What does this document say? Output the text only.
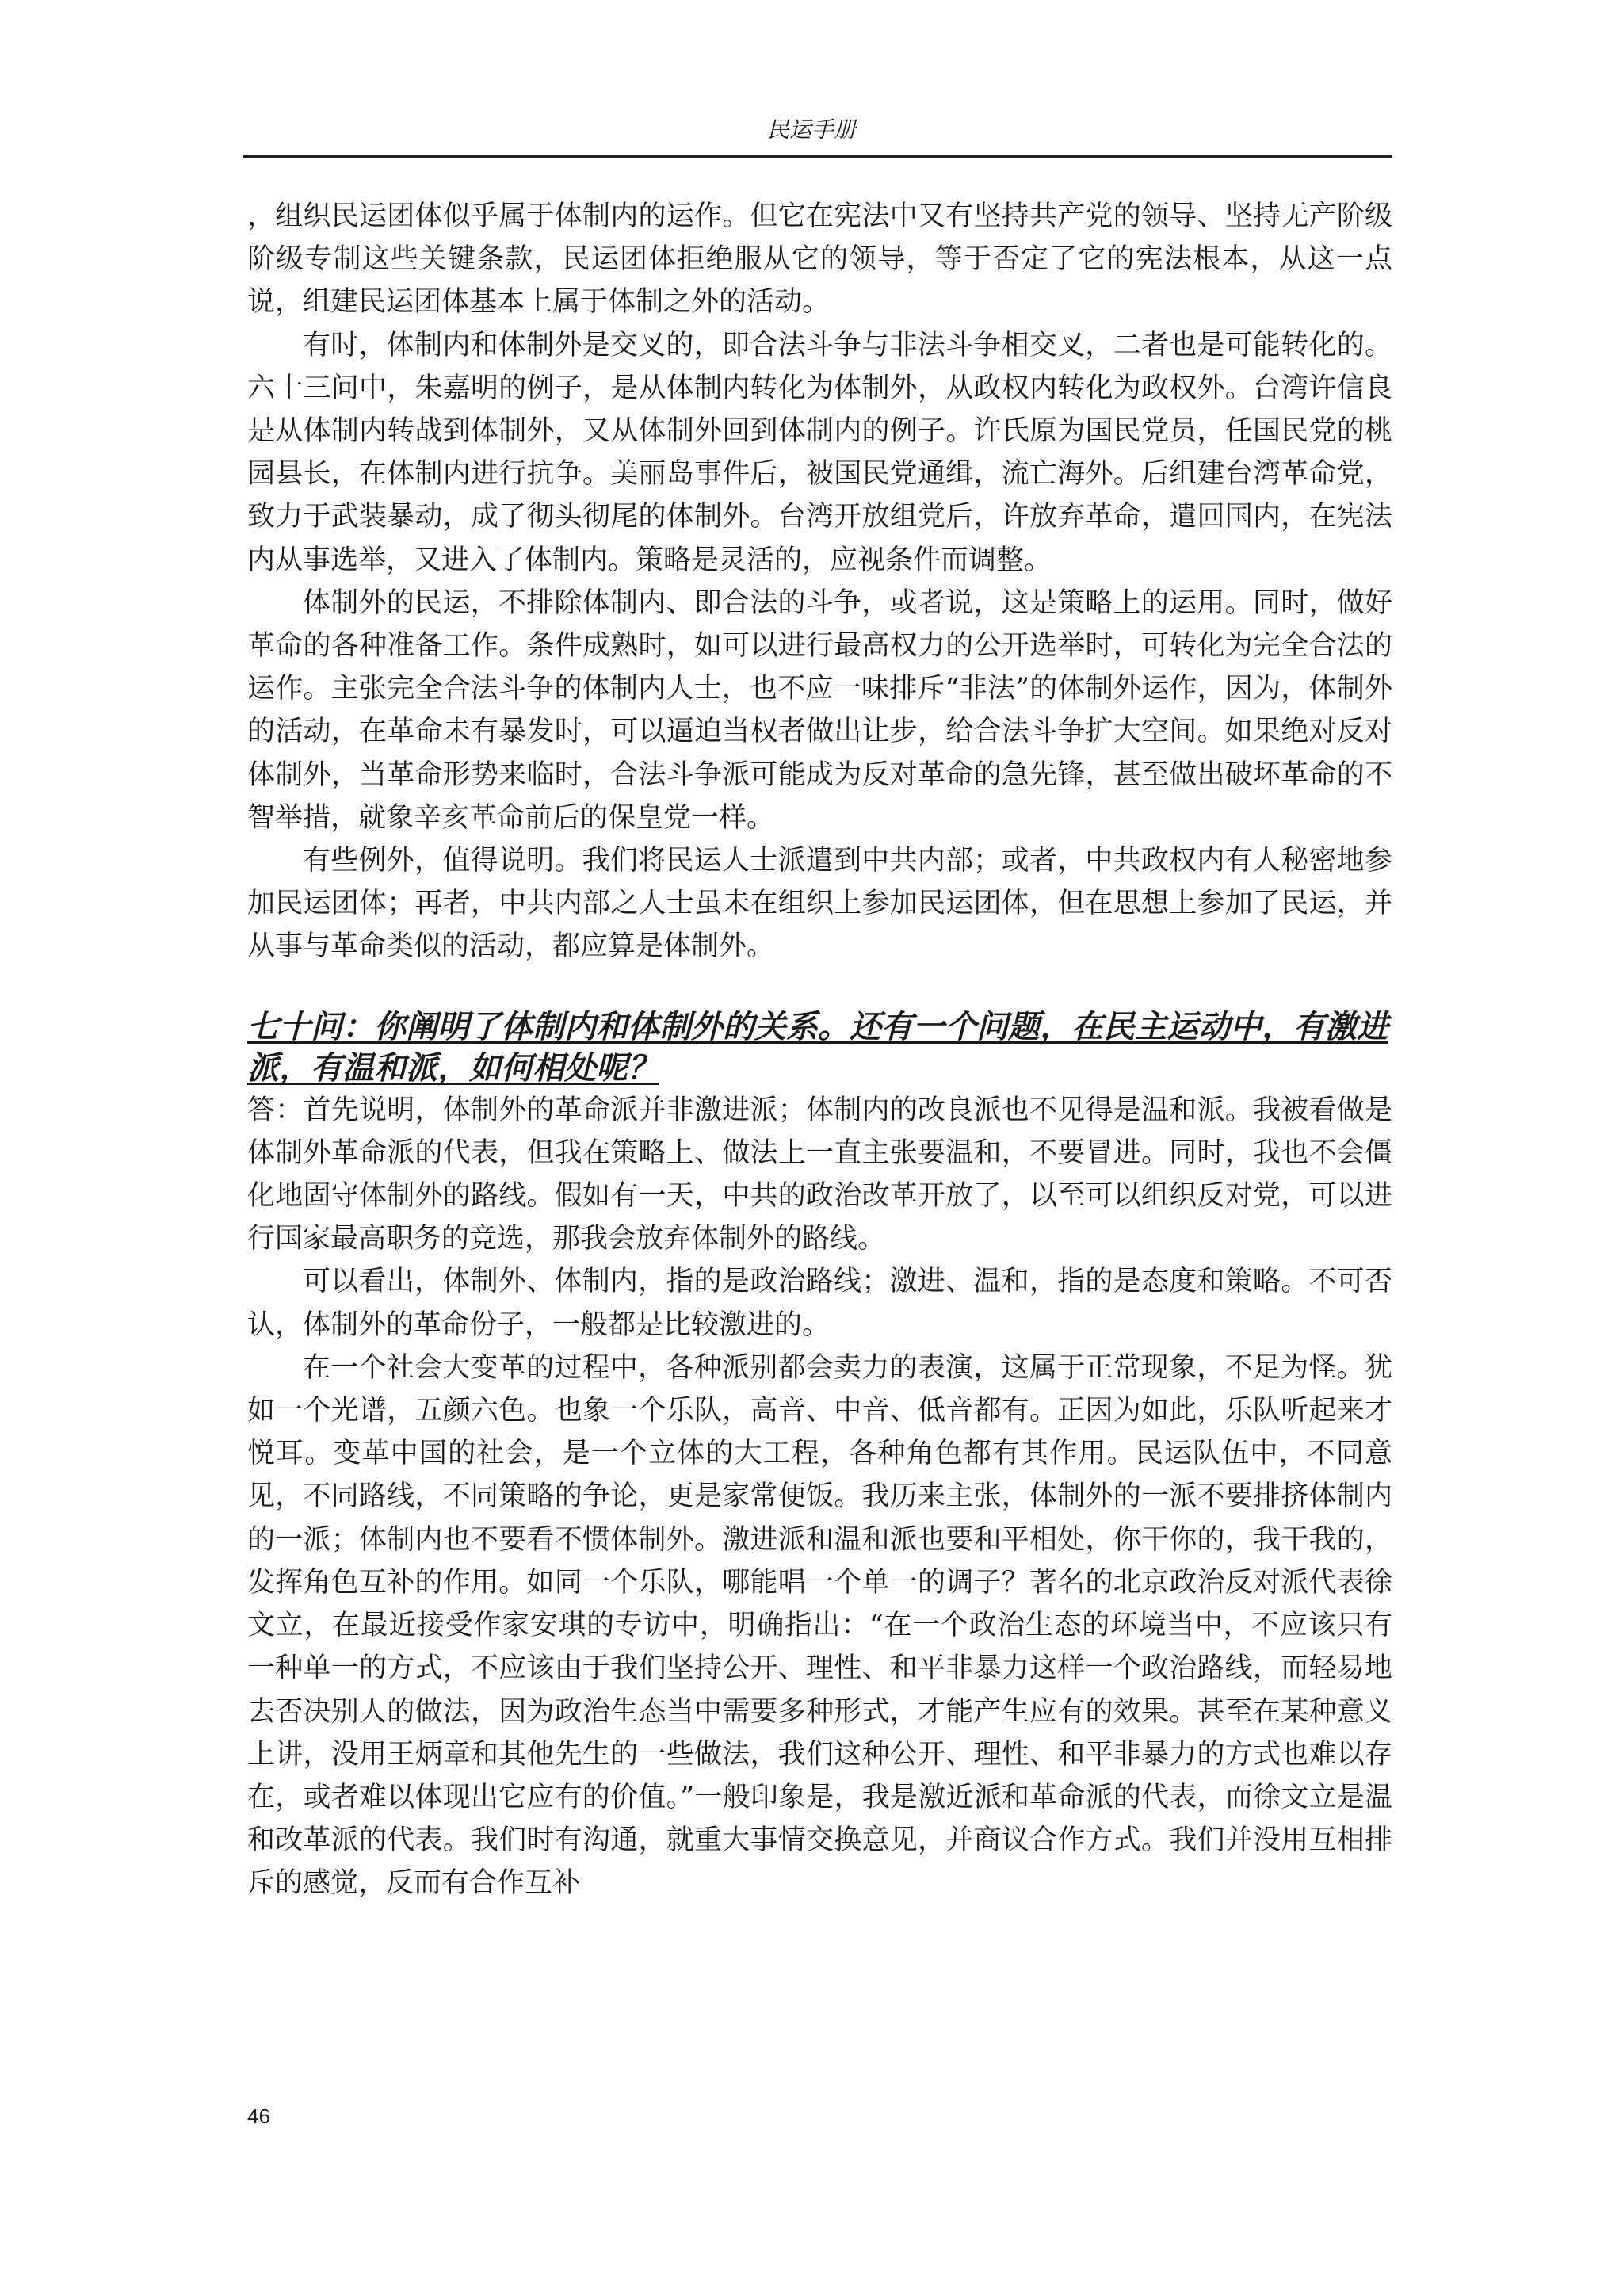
民运手册

，组织民运团体似乎属于体制内的运作。但它在宪法中又有坚持共产党的领导、坚持无产阶级阶级专制这些关键条款，民运团体拒绝服从它的领导，等于否定了它的宪法根本，从这一点说，组建民运团体基本上属于体制之外的活动。

有时，体制内和体制外是交叉的，即合法斗争与非法斗争相交叉，二者也是可能转化的。六十三问中，朱嘉明的例子，是从体制内转化为体制外，从政权内转化为政权外。台湾许信良是从体制内转战到体制外，又从体制外回到体制内的例子。许氏原为国民党员，任国民党的桃园县长，在体制内进行抗争。美丽岛事件后，被国民党通缉，流亡海外。后组建台湾革命党，致力于武装暴动，成了彻头彻尾的体制外。台湾开放组党后，许放弃革命，遣回国内，在宪法内从事选举，又进入了体制内。策略是灵活的，应视条件而调整。

体制外的民运，不排除体制内、即合法的斗争，或者说，这是策略上的运用。同时，做好革命的各种准备工作。条件成熟时，如可以进行最高权力的公开选举时，可转化为完全合法的运作。主张完全合法斗争的体制内人士，也不应一味排斥“非法”的体制外运作，因为，体制外的活动，在革命未有暴发时，可以逼迫当权者做出让步，给合法斗争扩大空间。如果绝对反对体制外，当革命形势来临时，合法斗争派可能成为反对革命的急先锋，甚至做出破坏革命的不智举措，就象辛亥革命前后的保皇党一样。

有些例外，值得说明。我们将民运人士派遣到中共内部；或者，中共政权内有人秘密地参加民运团体；再者，中共内部之人士虽未在组织上参加民运团体，但在思想上参加了民运，并从事与革命类似的活动，都应算是体制外。

七十问：你阐明了体制内和体制外的关系。还有一个问题，在民主运动中，有激进派，有温和派，如何相处呢？

答：首先说明，体制外的革命派并非激进派；体制内的改良派也不见得是温和派。我被看做是体制外革命派的代表，但我在策略上、做法上一直主张要温和，不要冒进。同时，我也不会僵化地固守体制外的路线。假如有一天，中共的政治改革开放了，以至可以组织反对党，可以进行国家最高职务的竞选，那我会放弃体制外的路线。

可以看出，体制外、体制内，指的是政治路线；激进、温和，指的是态度和策略。不可否认，体制外的革命份子，一般都是比较激进的。

在一个社会大变革的过程中，各种派别都会卖力的表演，这属于正常现象，不足为怪。犹如一个光谱，五颜六色。也象一个乐队，高音、中音、低音都有。正因为如此，乐队听起来才悦耳。变革中国的社会，是一个立体的大工程，各种角色都有其作用。民运队伍中，不同意见，不同路线，不同策略的争论，更是家常便饭。我历来主张，体制外的一派不要排挤体制内的一派；体制内也不要看不惯体制外。激进派和温和派也要和平相处，你干你的，我干我的，发挥角色互补的作用。如同一个乐队，哪能唱一个单一的调子？著名的北京政治反对派代表徐文立，在最近接受作家安琪的专访中，明确指出：“在一个政治生态的环境当中，不应该只有一种单一的方式，不应该由于我们坚持公开、理性、和平非暴力这样一个政治路线，而轻易地去否决别人的做法，因为政治生态当中需要多种形式，才能产生应有的效果。甚至在某种意义上讲，没用王炳章和其他先生的一些做法，我们这种公开、理性、和平非暴力的方式也难以存在，或者难以体现出它应有的价值。”一般印象是，我是激近派和革命派的代表，而徐文立是温和改革派的代表。我们时有沟通，就重大事情交换意见，并商议合作方式。我们并没用互相排斥的感觉，反而有合作互补

46
